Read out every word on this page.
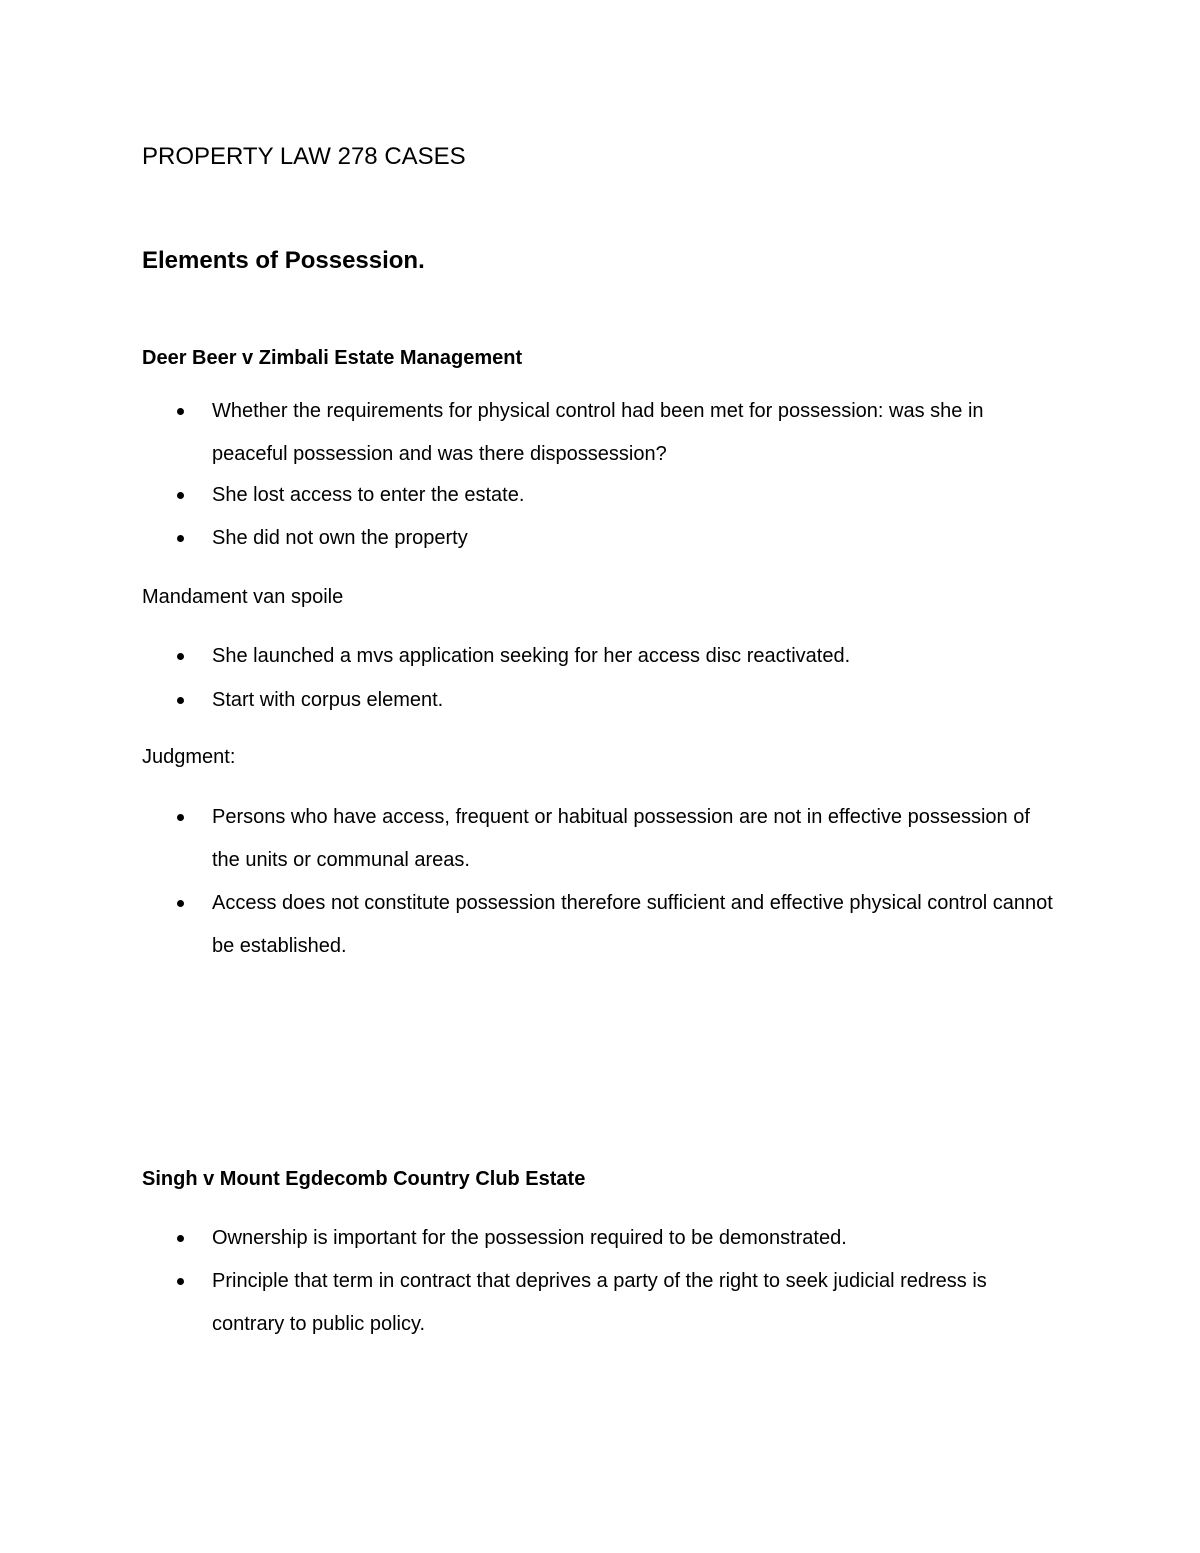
PROPERTY LAW 278 CASES
Elements of Possession.
Deer Beer v Zimbali Estate Management
Whether the requirements for physical control had been met for possession: was she in peaceful possession and was there dispossession?
She lost access to enter the estate.
She did not own the property
Mandament van spoile
She launched a mvs application seeking for her access disc reactivated.
Start with corpus element.
Judgment:
Persons who have access, frequent or habitual possession are not in effective possession of the units or communal areas.
Access does not constitute possession therefore sufficient and effective physical control cannot be established.
Singh v Mount Egdecomb Country Club Estate
Ownership is important for the possession required to be demonstrated.
Principle that term in contract that deprives a party of the right to seek judicial redress is contrary to public policy.
